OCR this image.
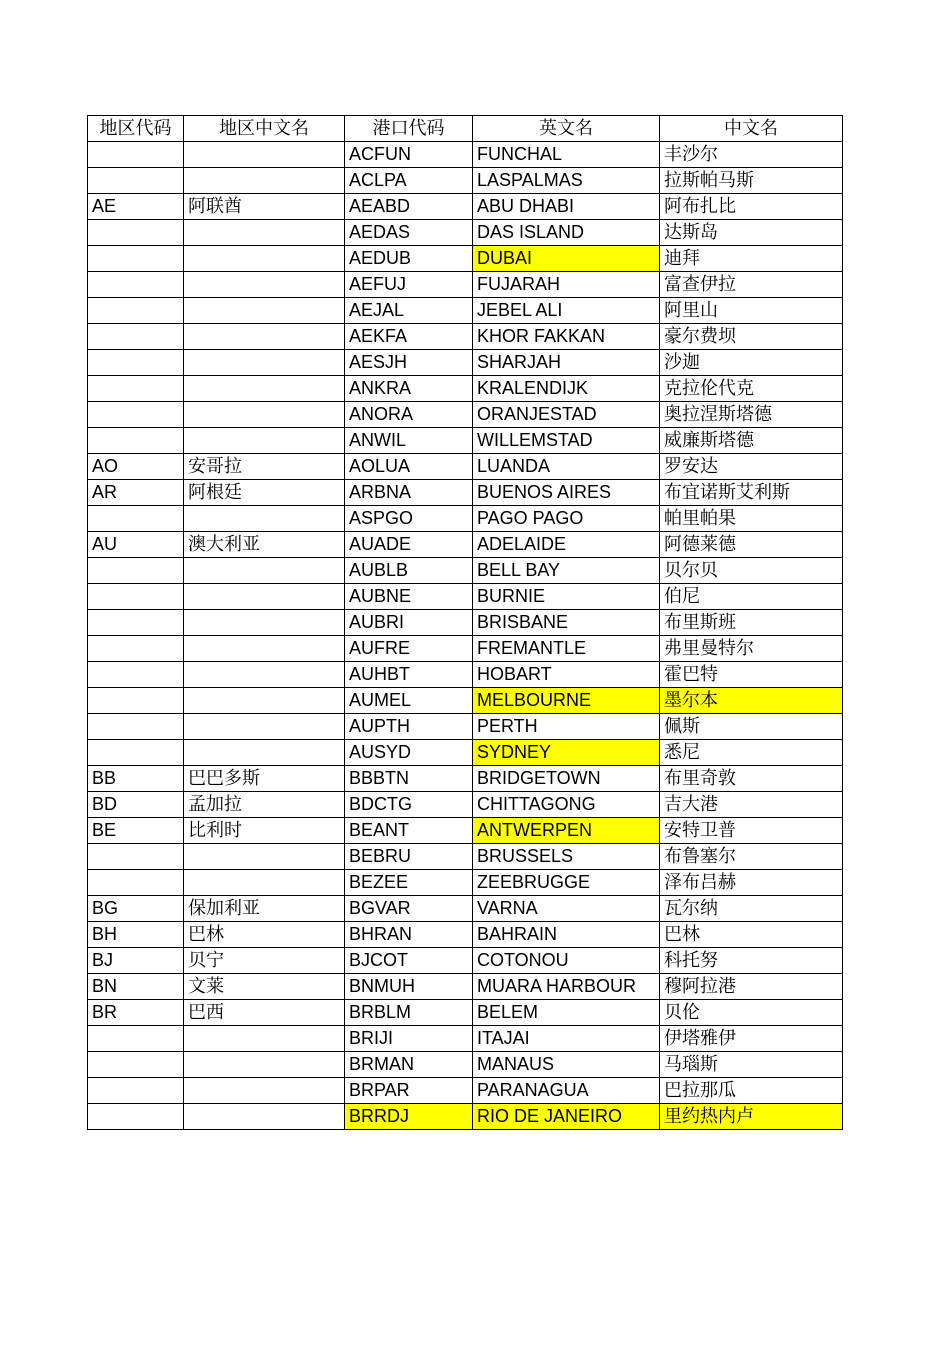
地区代码	地区中文名	港口代码	英文名	中文名
		ACFUN	FUNCHAL	丰沙尔
		ACLPA	LASPALMAS	拉斯帕马斯
AE	阿联酋	AEABD	ABU DHABI	阿布扎比
		AEDAS	DAS ISLAND	达斯岛
		AEDUB	DUBAI	迪拜
		AEFUJ	FUJARAH	富查伊拉
		AEJAL	JEBEL ALI	阿里山
		AEKFA	KHOR FAKKAN	豪尔费坝
		AESJH	SHARJAH	沙迦
		ANKRA	KRALENDIJK	克拉伦代克
		ANORA	ORANJESTAD	奥拉涅斯塔德
		ANWIL	WILLEMSTAD	威廉斯塔德
AO	安哥拉	AOLUA	LUANDA	罗安达
AR	阿根廷	ARBNA	BUENOS AIRES	布宜诺斯艾利斯
		ASPGO	PAGO PAGO	帕里帕果
AU	澳大利亚	AUADE	ADELAIDE	阿德莱德
		AUBLB	BELL BAY	贝尔贝
		AUBNE	BURNIE	伯尼
		AUBRI	BRISBANE	布里斯班
		AUFRE	FREMANTLE	弗里曼特尔
		AUHBT	HOBART	霍巴特
		AUMEL	MELBOURNE	墨尔本
		AUPTH	PERTH	佩斯
		AUSYD	SYDNEY	悉尼
BB	巴巴多斯	BBBTN	BRIDGETOWN	布里奇敦
BD	孟加拉	BDCTG	CHITTAGONG	吉大港
BE	比利时	BEANT	ANTWERPEN	安特卫普
		BEBRU	BRUSSELS	布鲁塞尔
		BEZEE	ZEEBRUGGE	泽布吕赫
BG	保加利亚	BGVAR	VARNA	瓦尔纳
BH	巴林	BHRAN	BAHRAIN	巴林
BJ	贝宁	BJCOT	COTONOU	科托努
BN	文莱	BNMUH	MUARA HARBOUR	穆阿拉港
BR	巴西	BRBLM	BELEM	贝伦
		BRIJI	ITAJAI	伊塔雅伊
		BRMAN	MANAUS	马瑙斯
		BRPAR	PARANAGUA	巴拉那瓜
		BRRDJ	RIO DE JANEIRO	里约热内卢
